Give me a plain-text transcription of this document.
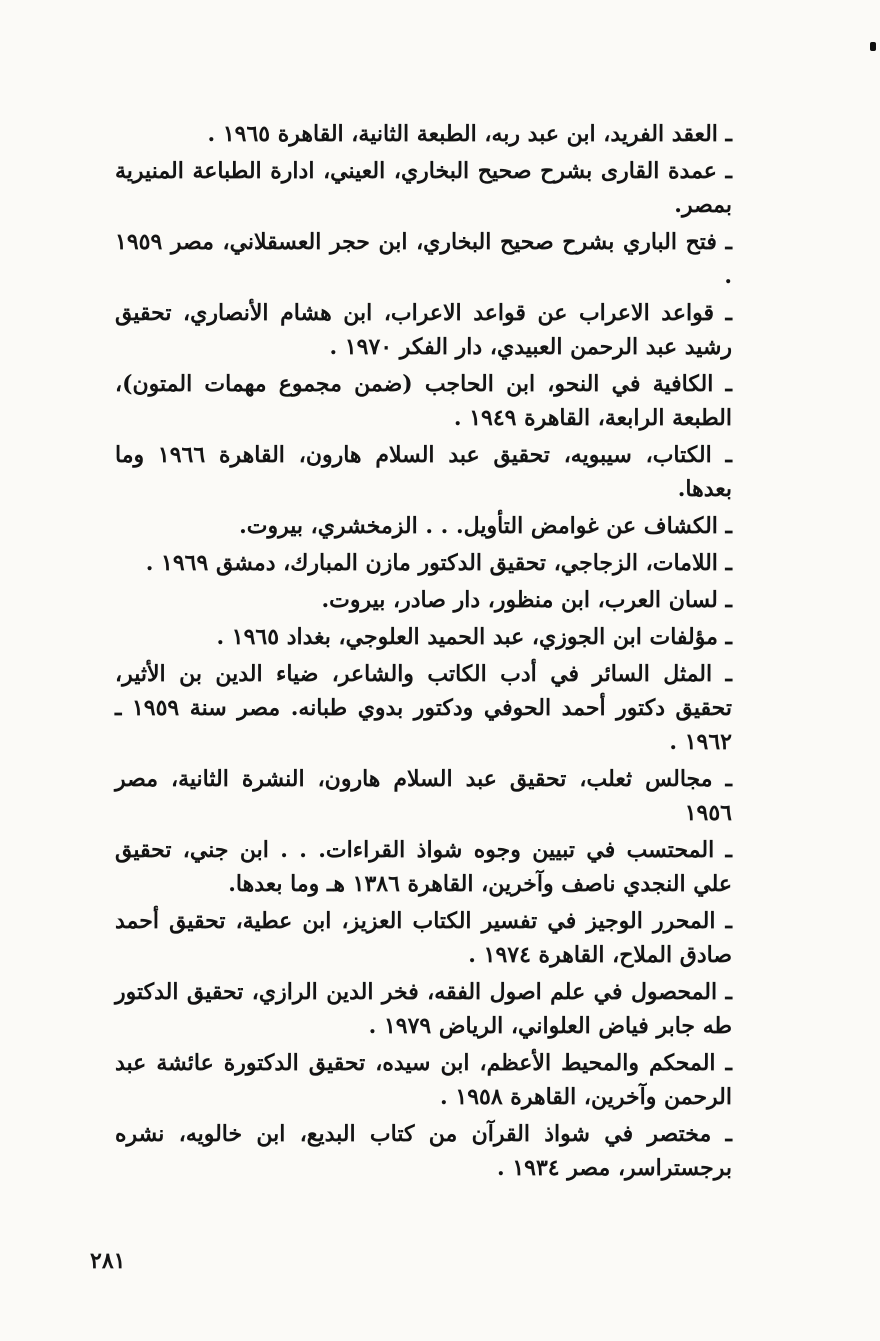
ـ العقد الفريد، ابن عبد ربه، الطبعة الثانية، القاهرة ١٩٦٥ .
ـ عمدة القارى بشرح صحيح البخاري، العيني، ادارة الطباعة المنيرية بمصر.
ـ فتح الباري بشرح صحيح البخاري، ابن حجر العسقلاني، مصر ١٩٥٩ .
ـ قواعد الاعراب عن قواعد الاعراب، ابن هشام الأنصاري، تحقيق رشيد عبد الرحمن العبيدي، دار الفكر ١٩٧٠ .
ـ الكافية في النحو، ابن الحاجب (ضمن مجموع مهمات المتون)، الطبعة الرابعة، القاهرة ١٩٤٩ .
ـ الكتاب، سيبويه، تحقيق عبد السلام هارون، القاهرة ١٩٦٦ وما بعدها.
ـ الكشاف عن غوامض التأويل. . . الزمخشري، بيروت.
ـ اللامات، الزجاجي، تحقيق الدكتور مازن المبارك، دمشق ١٩٦٩ .
ـ لسان العرب، ابن منظور، دار صادر، بيروت.
ـ مؤلفات ابن الجوزي، عبد الحميد العلوجي، بغداد ١٩٦٥ .
ـ المثل السائر في أدب الكاتب والشاعر، ضياء الدين بن الأثير، تحقيق دكتور أحمد الحوفي ودكتور بدوي طبانه. مصر سنة ١٩٥٩ ـ ١٩٦٢ .
ـ مجالس ثعلب، تحقيق عبد السلام هارون، النشرة الثانية، مصر ١٩٥٦
ـ المحتسب في تبيين وجوه شواذ القراءات. . . ابن جني، تحقيق علي النجدي ناصف وآخرين، القاهرة ١٣٨٦ هـ وما بعدها.
ـ المحرر الوجيز في تفسير الكتاب العزيز، ابن عطية، تحقيق أحمد صادق الملاح، القاهرة ١٩٧٤ .
ـ المحصول في علم اصول الفقه، فخر الدين الرازي، تحقيق الدكتور طه جابر فياض العلواني، الرياض ١٩٧٩ .
ـ المحكم والمحيط الأعظم، ابن سيده، تحقيق الدكتورة عائشة عبد الرحمن وآخرين، القاهرة ١٩٥٨ .
ـ مختصر في شواذ القرآن من كتاب البديع، ابن خالويه، نشره برجستراسر، مصر ١٩٣٤ .

٢٨١
